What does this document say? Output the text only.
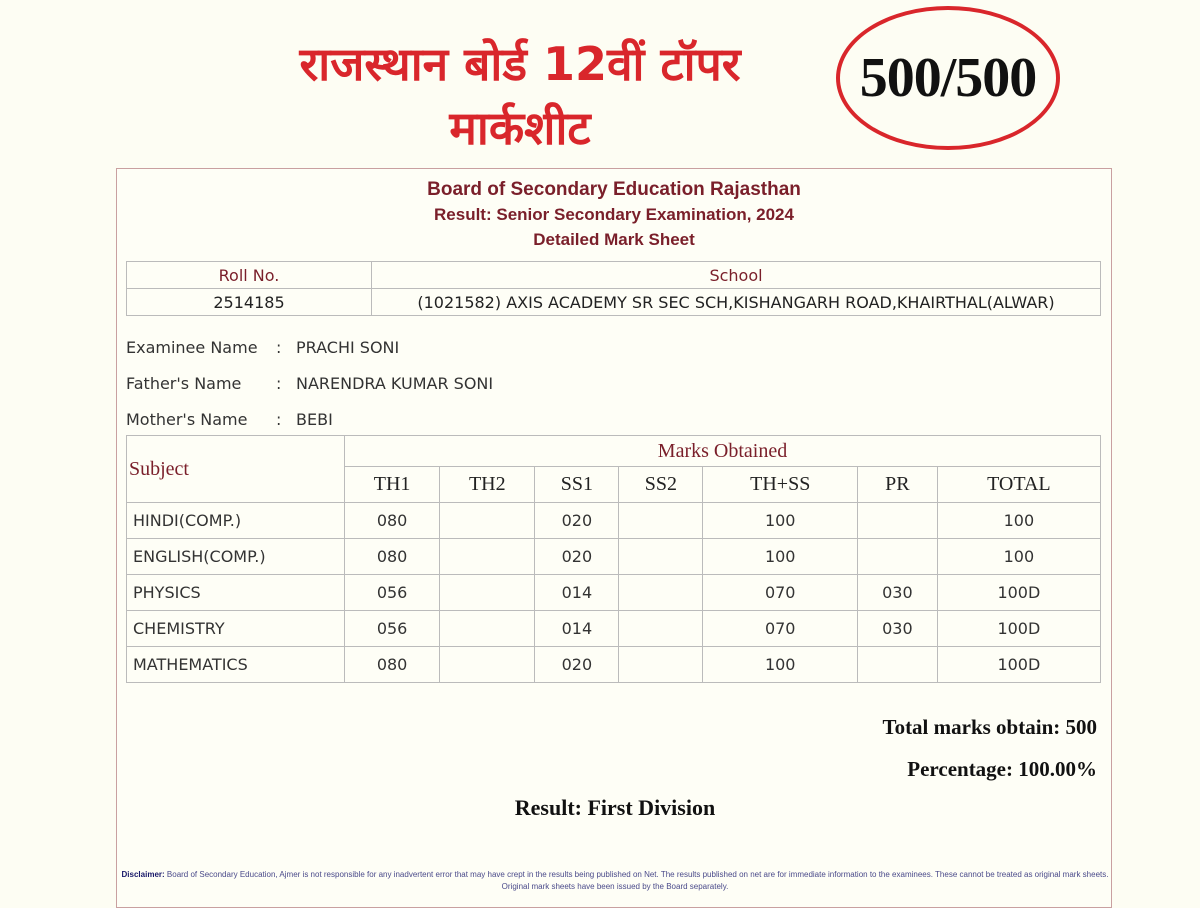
राजस्थान बोर्ड 12वीं टॉपर
मार्कशीट
500/500
Board of Secondary Education Rajasthan
Result: Senior Secondary Examination, 2024
Detailed Mark Sheet
Roll No.	School
2514185	(1021582) AXIS ACADEMY SR SEC SCH,KISHANGARH ROAD,KHAIRTHAL(ALWAR)
Examinee Name	: PRACHI SONI
Father's Name	: NARENDRA KUMAR SONI
Mother's Name	: BEBI
Subject	Marks Obtained						
	TH1	TH2	SS1	SS2	TH+SS	PR	TOTAL
HINDI(COMP.)	080		020		100		100
ENGLISH(COMP.)	080		020		100		100
PHYSICS	056		014		070	030	100D
CHEMISTRY	056		014		070	030	100D
MATHEMATICS	080		020		100		100D
Total marks obtain: 500
Percentage: 100.00%
Result: First Division
Disclaimer: Board of Secondary Education, Ajmer is not responsible for any inadvertent error that may have crept in the results being published on Net. The results published on net are for immediate information to the examinees. These cannot be treated as original mark sheets. Original mark sheets have been issued by the Board separately.
